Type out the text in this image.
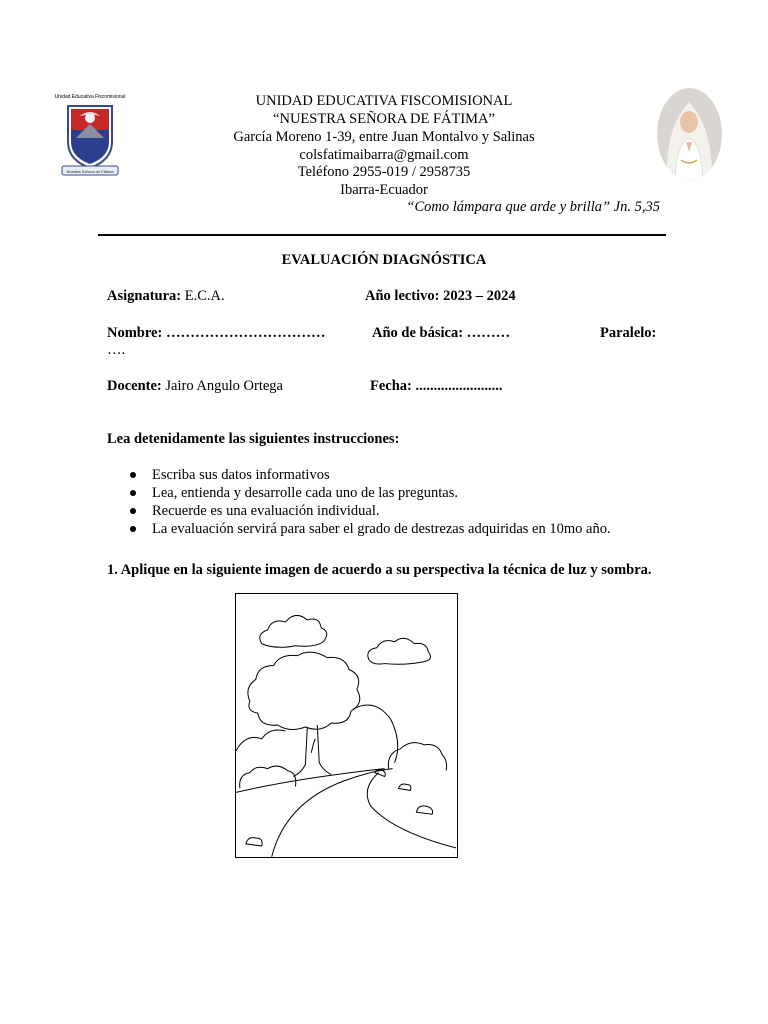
Nuestra Señora de Fátima
Unidad Educativa Fiscomisional	UNIDAD EDUCATIVA FISCOMISIONAL
“NUESTRA SEÑORA DE FÁTIMA”
García Moreno 1-39, entre Juan Montalvo y Salinas
colsfatimaibarra@gmail.com
Teléfono 2955-019 / 2958735
Ibarra-Ecuador
“Como lámpara que arde y brilla” Jn. 5,35
EVALUACIÓN DIAGNÓSTICA
Asignatura: E.C.A.	Año lectivo: 2023 – 2024
Nombre: ……………………………	Año de básica: ………	Paralelo:
….
Docente: Jairo Angulo Ortega	Fecha: ........................
Lea detenidamente las siguientes instrucciones:
Escriba sus datos informativos
Lea, entienda y desarrolle cada uno de las preguntas.
Recuerde es una evaluación individual.
La evaluación servirá para saber el grado de destrezas adquiridas en 10mo año.
1. Aplique en la siguiente imagen de acuerdo a su perspectiva la técnica de luz y sombra.
